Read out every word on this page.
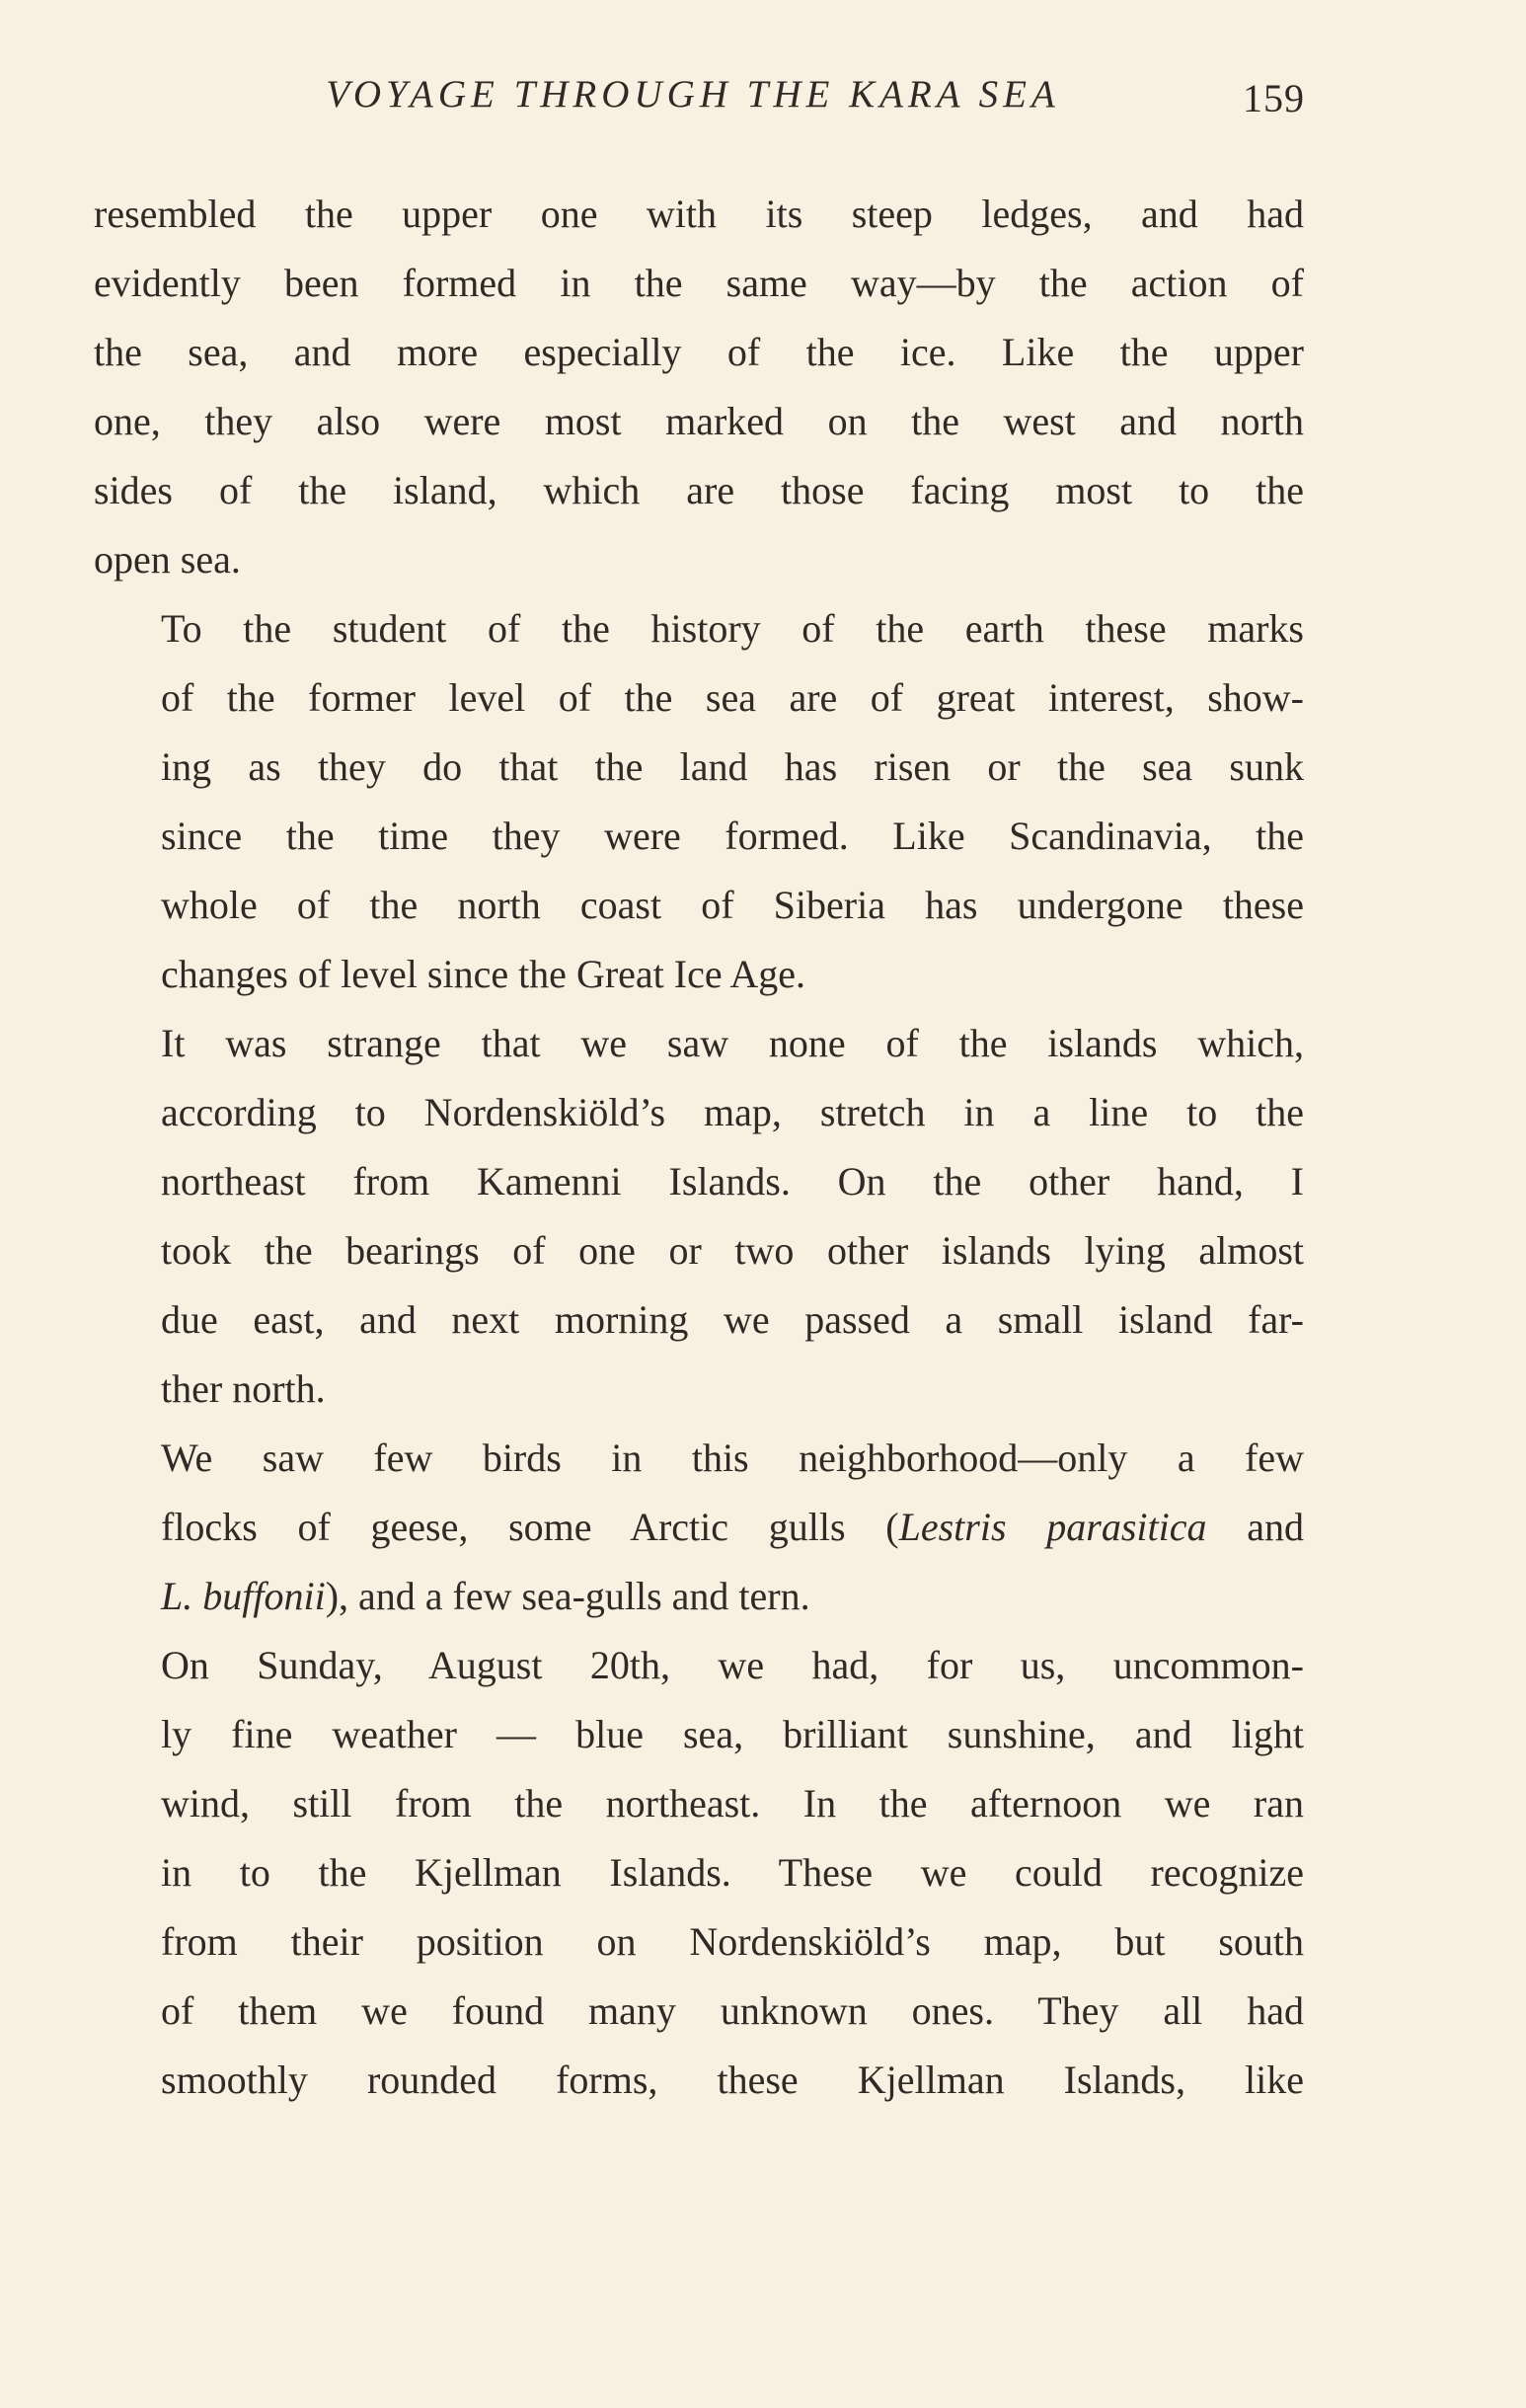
VOYAGE THROUGH THE KARA SEA	159

resembled the upper one with its steep ledges, and had
evidently been formed in the same way—by the action of
the sea, and more especially of the ice. Like the upper
one, they also were most marked on the west and north
sides of the island, which are those facing most to the
open sea.

To the student of the history of the earth these marks
of the former level of the sea are of great interest, show-
ing as they do that the land has risen or the sea sunk
since the time they were formed. Like Scandinavia, the
whole of the north coast of Siberia has undergone these
changes of level since the Great Ice Age.

It was strange that we saw none of the islands which,
according to Nordenskiöld’s map, stretch in a line to the
northeast from Kamenni Islands. On the other hand, I
took the bearings of one or two other islands lying almost
due east, and next morning we passed a small island far-
ther north.

We saw few birds in this neighborhood—only a few
flocks of geese, some Arctic gulls (Lestris parasitica and
L. buffonii), and a few sea-gulls and tern.

On Sunday, August 20th, we had, for us, uncommon-
ly fine weather — blue sea, brilliant sunshine, and light
wind, still from the northeast. In the afternoon we ran
in to the Kjellman Islands. These we could recognize
from their position on Nordenskiöld’s map, but south
of them we found many unknown ones. They all had
smoothly rounded forms, these Kjellman Islands, like
